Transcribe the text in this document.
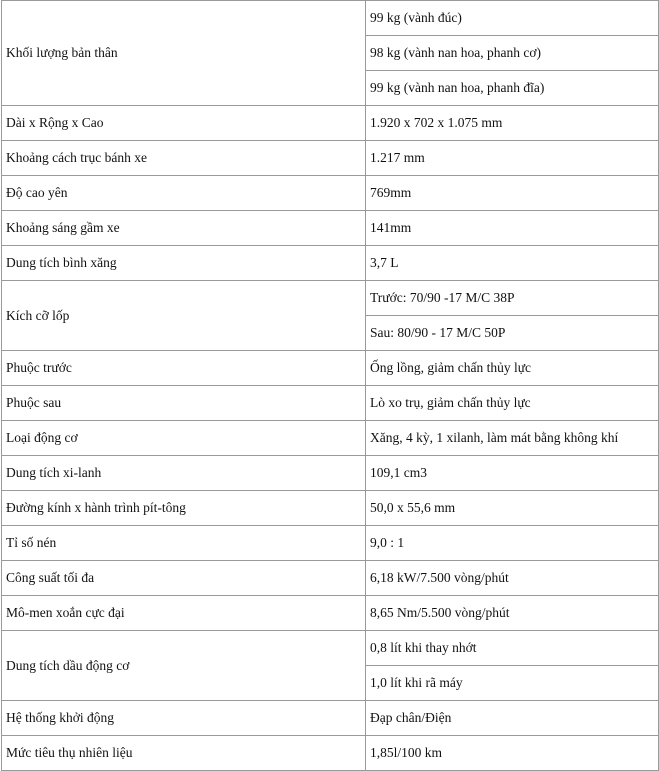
Khối lượng bản thân	99 kg (vành đúc)
	98 kg (vành nan hoa, phanh cơ)
	99 kg (vành nan hoa, phanh đĩa)
Dài x Rộng x Cao	1.920 x 702 x 1.075 mm
Khoảng cách trục bánh xe	1.217 mm
Độ cao yên	769mm
Khoảng sáng gầm xe	141mm
Dung tích bình xăng	3,7 L
Kích cỡ lốp	Trước: 70/90 -17 M/C 38P
	Sau: 80/90 - 17 M/C 50P
Phuộc trước	Ống lồng, giảm chấn thủy lực
Phuộc sau	Lò xo trụ, giảm chấn thủy lực
Loại động cơ	Xăng, 4 kỳ, 1 xilanh, làm mát bằng không khí
Dung tích xi-lanh	109,1 cm3
Đường kính x hành trình pít-tông	50,0 x 55,6 mm
Tỉ số nén	9,0 : 1
Công suất tối đa	6,18 kW/7.500 vòng/phút
Mô-men xoắn cực đại	8,65 Nm/5.500 vòng/phút
Dung tích dầu động cơ	0,8 lít khi thay nhớt
	1,0 lít khi rã máy
Hệ thống khởi động	Đạp chân/Điện
Mức tiêu thụ nhiên liệu	1,85l/100 km
